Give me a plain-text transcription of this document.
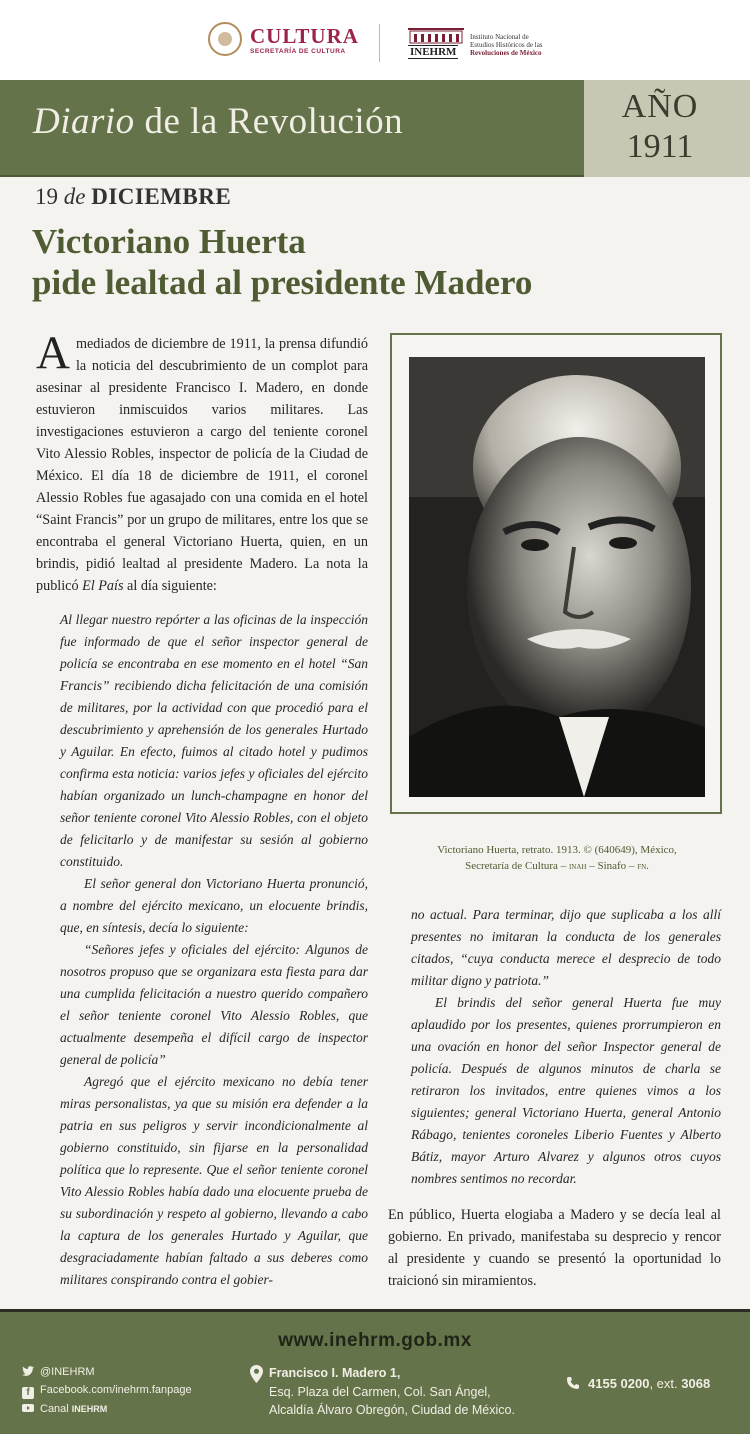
CULTURA
SECRETARÍA DE CULTURA	INEHRM
Instituto Nacional de
Estudios Históricos de las
Revoluciones de México
Diario de la Revolución	AÑO
1911
19 de DICIEMBRE
Victoriano Huerta
pide lealtad al presidente Madero
Amediados de diciembre de 1911, la prensa difundió la noticia del descubrimiento de un complot para asesinar al presidente Francisco I. Madero, en donde estuvieron inmiscuidos varios militares. Las investigaciones estuvieron a cargo del teniente coronel Vito Alessio Robles, inspector de policía de la Ciudad de México. El día 18 de diciembre de 1911, el coronel Alessio Robles fue agasajado con una comida en el hotel “Saint Francis” por un grupo de militares, entre los que se encontraba el general Victoriano Huerta, quien, en un brindis, pidió lealtad al presidente Madero. La nota la publicó El País al día siguiente:

Al llegar nuestro repórter a las oficinas de la inspección fue informado de que el señor inspector general de policía se encontraba en ese momento en el hotel “San Francis” recibiendo dicha felicitación de una comisión de militares, por la actividad con que procedió para el descubrimiento y aprehensión de los generales Hurtado y Aguilar. En efecto, fuimos al citado hotel y pudimos confirma esta noticia: varios jefes y oficiales del ejército habían organizado un lunch-champagne en honor del señor teniente coronel Vito Alessio Robles, con el objeto de felicitarlo y de manifestar su sesión al gobierno constituido.

El señor general don Victoriano Huerta pronunció, a nombre del ejército mexicano, un elocuente brindis, que, en síntesis, decía lo siguiente:

“Señores jefes y oficiales del ejército: Algunos de nosotros propuso que se organizara esta fiesta para dar una cumplida felicitación a nuestro querido compañero el señor teniente coronel Vito Alessio Robles, que actualmente desempeña el difícil cargo de inspector general de policía”

Agregó que el ejército mexicano no debía tener miras personalistas, ya que su misión era defender a la patria en sus peligros y servir incondicionalmente al gobierno constituido, sin fijarse en la personalidad política que lo represente. Que el señor teniente coronel Vito Alessio Robles había dado una elocuente prueba de su subordinación y respeto al gobierno, llevando a cabo la captura de los generales Hurtado y Aguilar, que desgraciadamente habían faltado a sus deberes como militares conspirando contra el gobier-

Victoriano Huerta, retrato. 1913. © (640649), México,
Secretaría de Cultura – inah – Sinafo – fn.

no actual. Para terminar, dijo que suplicaba a los allí presentes no imitaran la conducta de los generales citados, “cuya conducta merece el desprecio de todo militar digno y patriota.”

El brindis del señor general Huerta fue muy aplaudido por los presentes, quienes prorrumpieron en una ovación en honor del señor Inspector general de policía. Después de algunos minutos de charla se retiraron los invitados, entre quienes vimos a los siguientes; general Victoriano Huerta, general Antonio Rábago, tenientes coroneles Liberio Fuentes y Alberto Bátiz, mayor Arturo Alvarez y algunos otros cuyos nombres sentimos no recordar.

En público, Huerta elogiaba a Madero y se decía leal al gobierno. En privado, manifestaba su desprecio y rencor al presidente y cuando se presentó la oportunidad lo traicionó sin miramientos.
www.inehrm.gob.mx
@INEHRM
f Facebook.com/inehrm.fanpage
Canal INEHRM
Francisco I. Madero 1,
Esq. Plaza del Carmen, Col. San Ángel,
Alcaldía Álvaro Obregón, Ciudad de México.
4155 0200, ext. 3068
